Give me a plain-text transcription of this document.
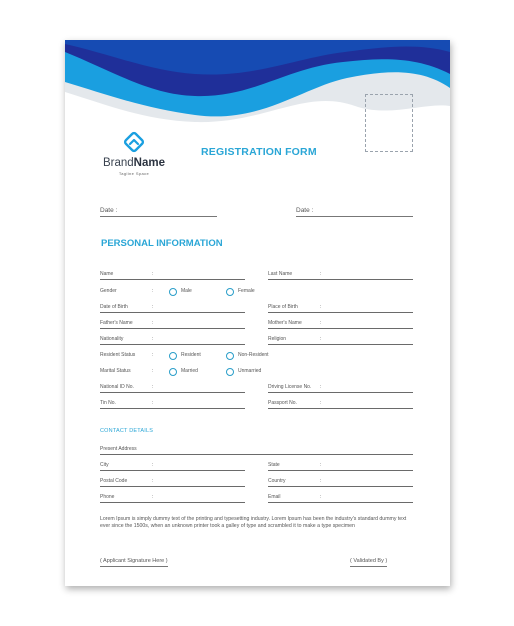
BrandName
Tagline Space
REGISTRATION FORM
Date :	Date :
PERSONAL INFORMATION
Name	:	Last Name	:
Gender	:	Male	Female
Date of Birth	:	Place of Birth	:
Father's Name	:	Mother's Name	:
Nationality	:	Religion	:
Resident Status	:	Resident	Non-Resident
Marital Status	:	Married	Unmarried
National ID No.	:	Driving License No. :
Tin No.	:	Passport No.	:
CONTACT DETAILS
Present Address
City	:	State	:
Postal Code	:	Country	:
Phone	:	Email	:
Lorem Ipsum is simply dummy text of the printing and typesetting industry. Lorem Ipsum has been the industry's standard dummy text ever since the 1500s, when an unknown printer took a galley of type and scrambled it to make a type specimen
( Applicant Signature Here )	( Validated By )
